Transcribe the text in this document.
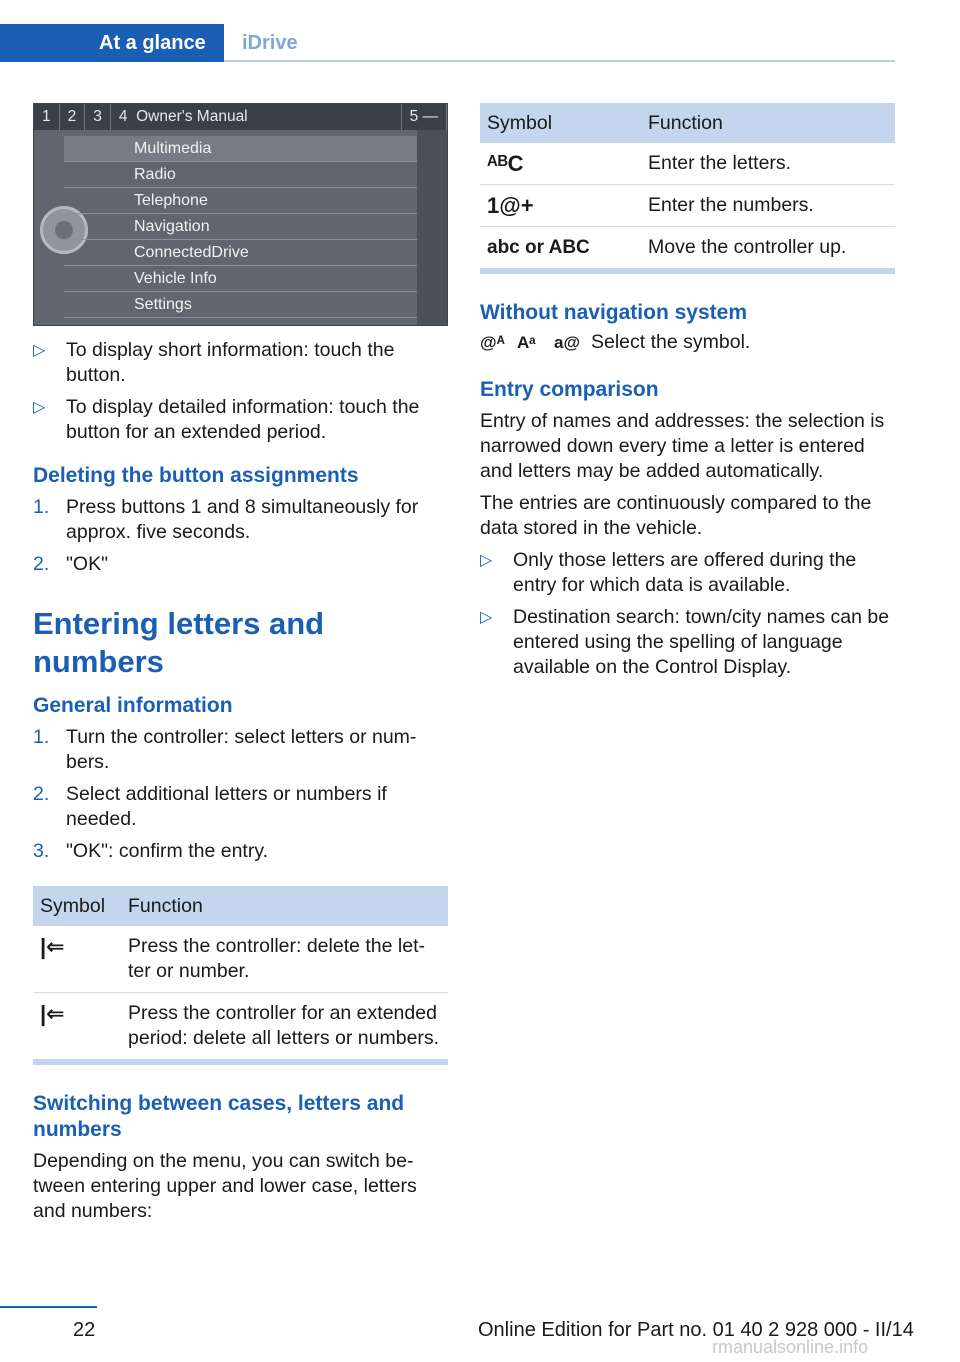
At a glance	iDrive
1	2	3	4 Owner's Manual	5 —
Multimedia
Radio
Telephone
Navigation
ConnectedDrive
Vehicle Info
Settings
▷ To display short information: touch the button.
▷ To display detailed information: touch the button for an extended period.
Deleting the button assignments
1. Press buttons 1 and 8 simultaneously for approx. five seconds.
2. "OK"
Entering letters and numbers
General information
1. Turn the controller: select letters or numbers.
2. Select additional letters or numbers if needed.
3. "OK": confirm the entry.
Symbol	Function
|⇐	Press the controller: delete the letter or number.
|⇐	Press the controller for an extended period: delete all letters or numbers.
Switching between cases, letters and numbers

Depending on the menu, you can switch between entering upper and lower case, letters and numbers:

Symbol	Function
ᴬᴮC	Enter the letters.
1@+	Enter the numbers.
abc or ABC	Move the controller up.
Without navigation system
@ᴬ Aᵃ	a@ Select the symbol.
Entry comparison

Entry of names and addresses: the selection is narrowed down every time a letter is entered and letters may be added automatically.

The entries are continuously compared to the data stored in the vehicle.

▷ Only those letters are offered during the entry for which data is available.
▷ Destination search: town/city names can be entered using the spelling of language available on the Control Display.
22	Online Edition for Part no. 01 40 2 928 000 - II/14
rmanualsonline.info
